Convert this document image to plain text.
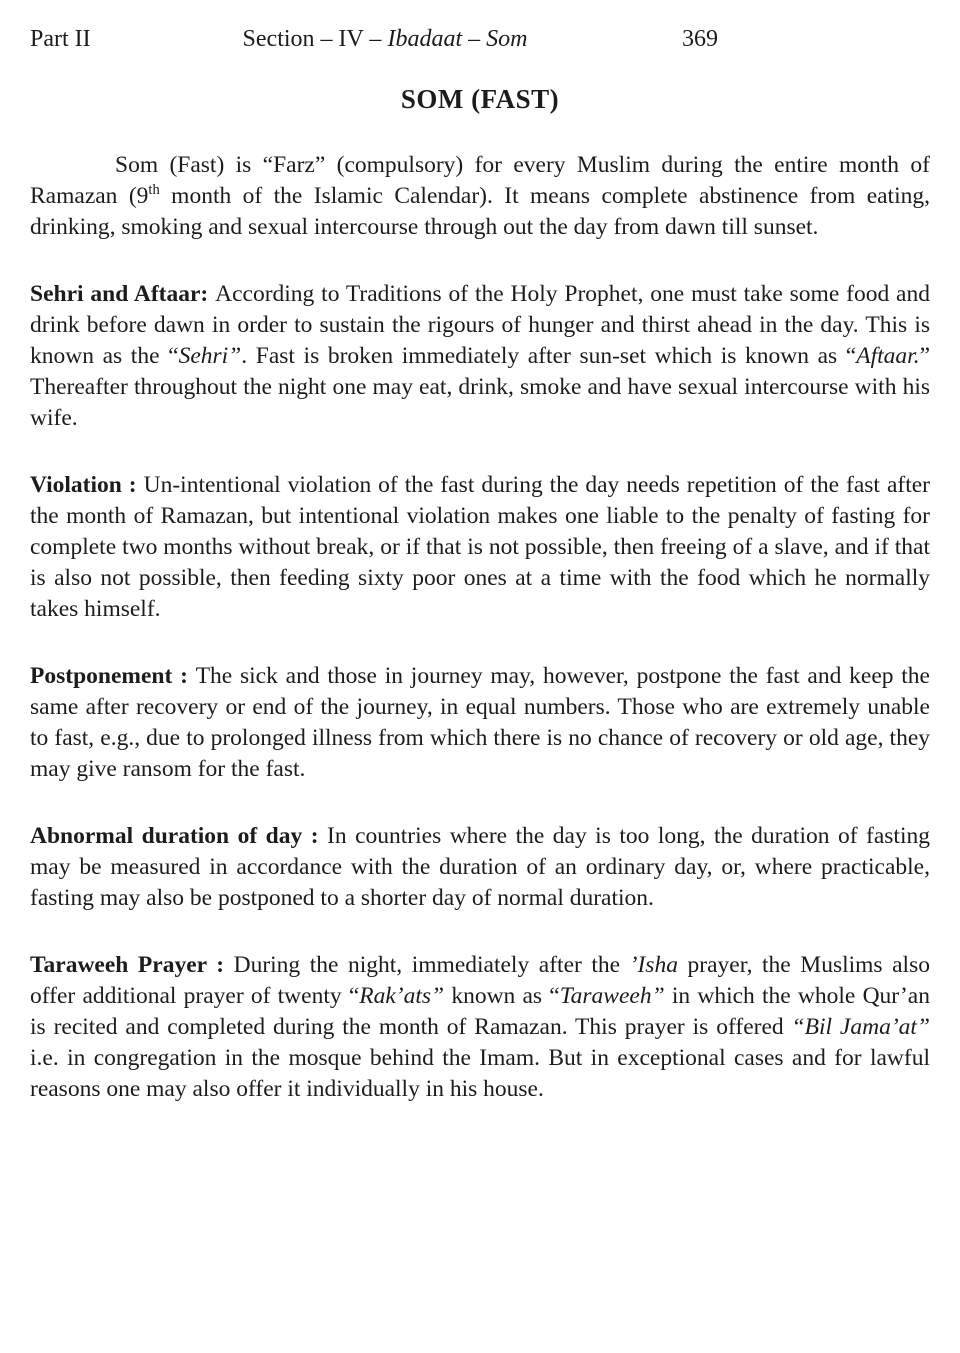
Part II	Section – IV – Ibadaat – Som	369
SOM (FAST)

Som (Fast) is “Farz” (compulsory) for every Muslim during the entire month of Ramazan (9th month of the Islamic Calendar). It means complete abstinence from eating, drinking, smoking and sexual intercourse through out the day from dawn till sunset.

Sehri and Aftaar: According to Traditions of the Holy Prophet, one must take some food and drink before dawn in order to sustain the rigours of hunger and thirst ahead in the day. This is known as the “Sehri”. Fast is broken immediately after sun-set which is known as “Aftaar.” Thereafter throughout the night one may eat, drink, smoke and have sexual intercourse with his wife.

Violation : Un-intentional violation of the fast during the day needs repetition of the fast after the month of Ramazan, but intentional violation makes one liable to the penalty of fasting for complete two months without break, or if that is not possible, then freeing of a slave, and if that is also not possible, then feeding sixty poor ones at a time with the food which he normally takes himself.

Postponement : The sick and those in journey may, however, postpone the fast and keep the same after recovery or end of the journey, in equal numbers. Those who are extremely unable to fast, e.g., due to prolonged illness from which there is no chance of recovery or old age, they may give ransom for the fast.

Abnormal duration of day : In countries where the day is too long, the duration of fasting may be measured in accordance with the duration of an ordinary day, or, where practicable, fasting may also be postponed to a shorter day of normal duration.

Taraweeh Prayer : During the night, immediately after the ’Isha prayer, the Muslims also offer additional prayer of twenty “Rak’ats” known as “Taraweeh” in which the whole Qur’an is recited and completed during the month of Ramazan. This prayer is offered “Bil Jama’at” i.e. in congregation in the mosque behind the Imam. But in exceptional cases and for lawful reasons one may also offer it individually in his house.
